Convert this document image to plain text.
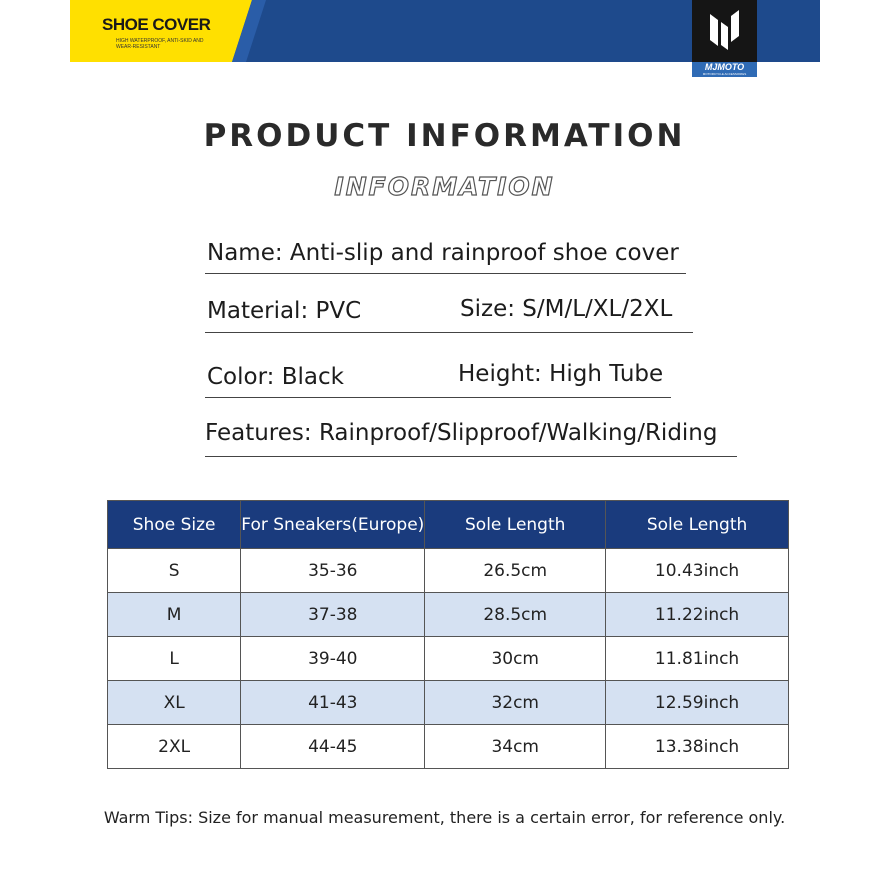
SHOE COVER
HIGH WATERPROOF, ANTI-SKID AND WEAR-RESISTANT
MJMOTO
MOTORCYCLE ACCESSORIES
PRODUCT INFORMATION
INFORMATION
Name: Anti-slip and rainproof shoe cover
Material: PVC	Size: S/M/L/XL/2XL
Color: Black	Height: High Tube
Features: Rainproof/Slipproof/Walking/Riding
Shoe Size	For Sneakers(Europe)	Sole Length	Sole Length
S	35-36	26.5cm	10.43inch
M	37-38	28.5cm	11.22inch
L	39-40	30cm	11.81inch
XL	41-43	32cm	12.59inch
2XL	44-45	34cm	13.38inch
Warm Tips: Size for manual measurement, there is a certain error, for reference only.
